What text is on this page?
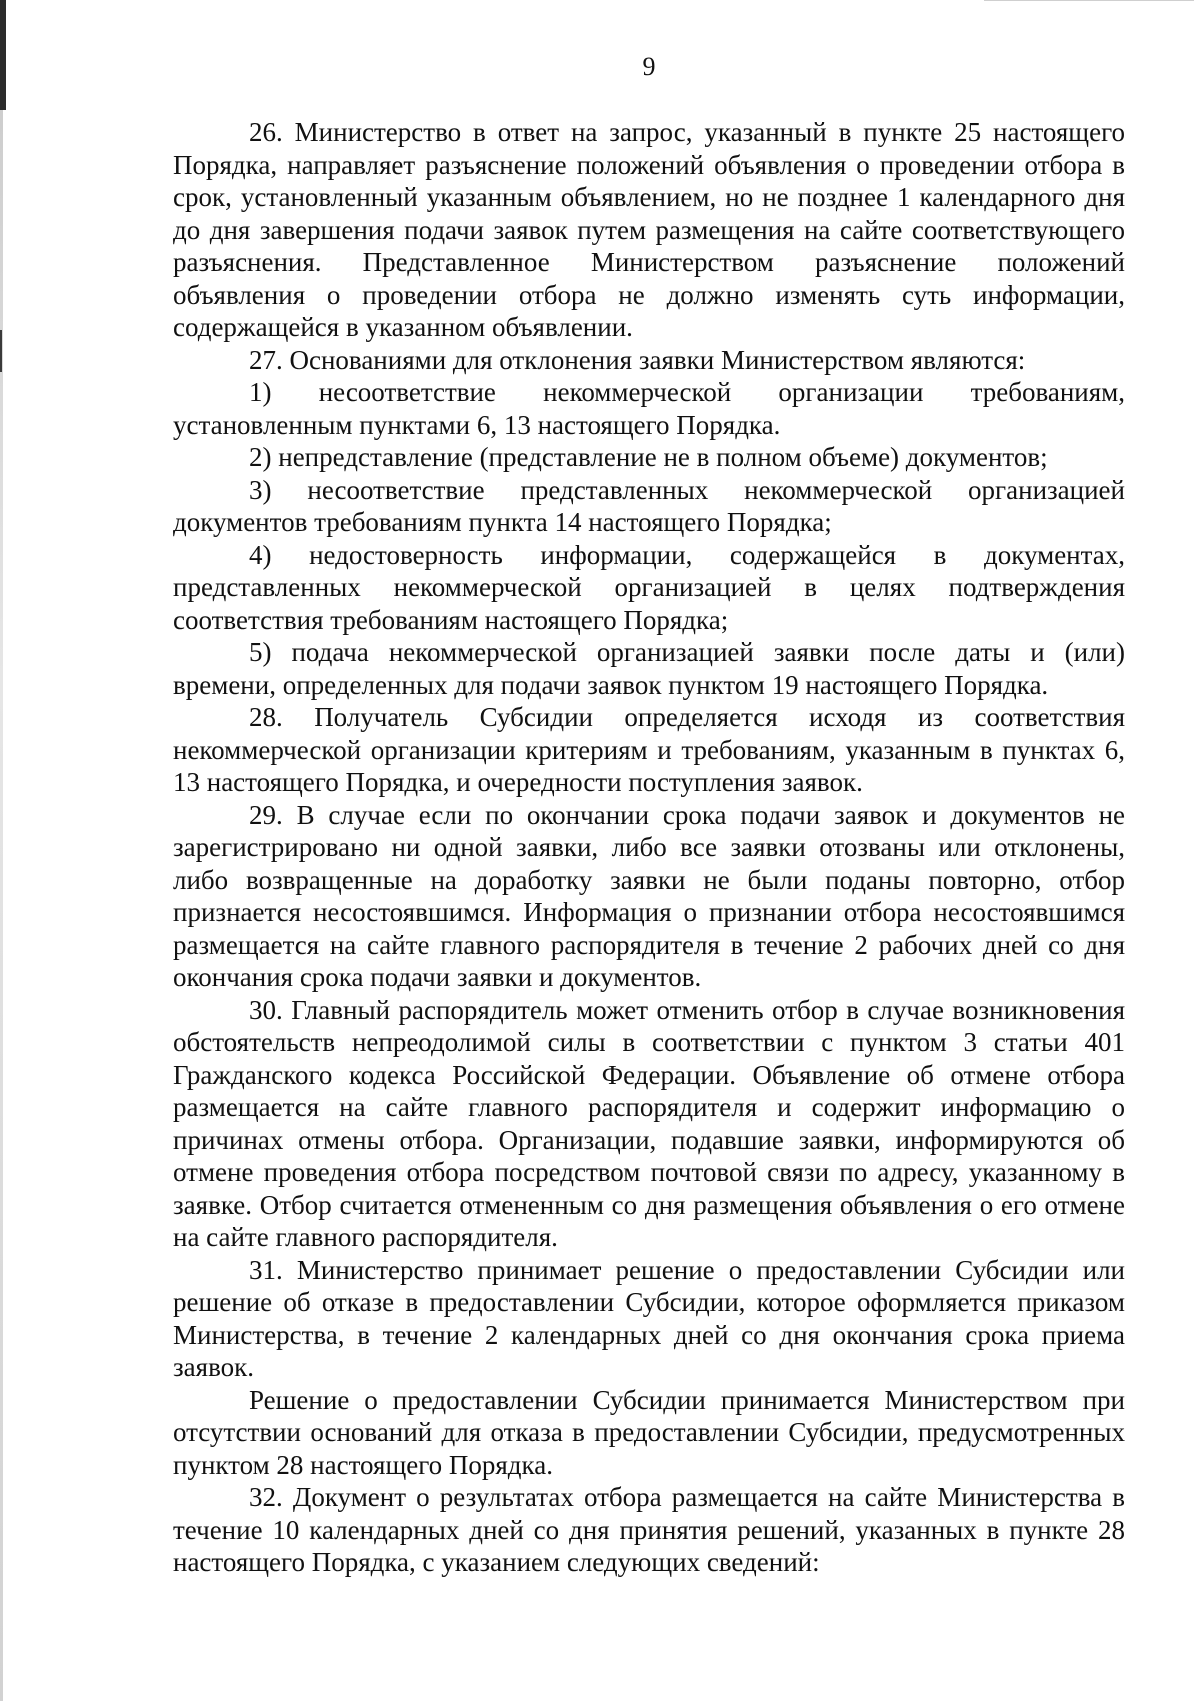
9

26. Министерство в ответ на запрос, указанный в пункте 25 настоящего Порядка, направляет разъяснение положений объявления о проведении отбора в срок, установленный указанным объявлением, но не позднее 1 календарного дня до дня завершения подачи заявок путем размещения на сайте соответствующего разъяснения. Представленное Министерством разъяснение положений объявления о проведении отбора не должно изменять суть информации, содержащейся в указанном объявлении.

27. Основаниями для отклонения заявки Министерством являются:

1) несоответствие некоммерческой организации требованиям, установленным пунктами 6, 13 настоящего Порядка.

2) непредставление (представление не в полном объеме) документов;

3) несоответствие представленных некоммерческой организацией документов требованиям пункта 14 настоящего Порядка;

4) недостоверность информации, содержащейся в документах, представленных некоммерческой организацией в целях подтверждения соответствия требованиям настоящего Порядка;

5) подача некоммерческой организацией заявки после даты и (или) времени, определенных для подачи заявок пунктом 19 настоящего Порядка.

28. Получатель Субсидии определяется исходя из соответствия некоммерческой организации критериям и требованиям, указанным в пунктах 6, 13 настоящего Порядка, и очередности поступления заявок.

29. В случае если по окончании срока подачи заявок и документов не зарегистрировано ни одной заявки, либо все заявки отозваны или отклонены, либо возвращенные на доработку заявки не были поданы повторно, отбор признается несостоявшимся. Информация о признании отбора несостоявшимся размещается на сайте главного распорядителя в течение 2 рабочих дней со дня окончания срока подачи заявки и документов.

30. Главный распорядитель может отменить отбор в случае возникновения обстоятельств непреодолимой силы в соответствии с пунктом 3 статьи 401 Гражданского кодекса Российской Федерации. Объявление об отмене отбора размещается на сайте главного распорядителя и содержит информацию о причинах отмены отбора. Организации, подавшие заявки, информируются об отмене проведения отбора посредством почтовой связи по адресу, указанному в заявке. Отбор считается отмененным со дня размещения объявления о его отмене на сайте главного распорядителя.

31. Министерство принимает решение о предоставлении Субсидии или решение об отказе в предоставлении Субсидии, которое оформляется приказом Министерства, в течение 2 календарных дней со дня окончания срока приема заявок.

Решение о предоставлении Субсидии принимается Министерством при отсутствии оснований для отказа в предоставлении Субсидии, предусмотренных пунктом 28 настоящего Порядка.

32. Документ о результатах отбора размещается на сайте Министерства в течение 10 календарных дней со дня принятия решений, указанных в пункте 28 настоящего Порядка, с указанием следующих сведений:
